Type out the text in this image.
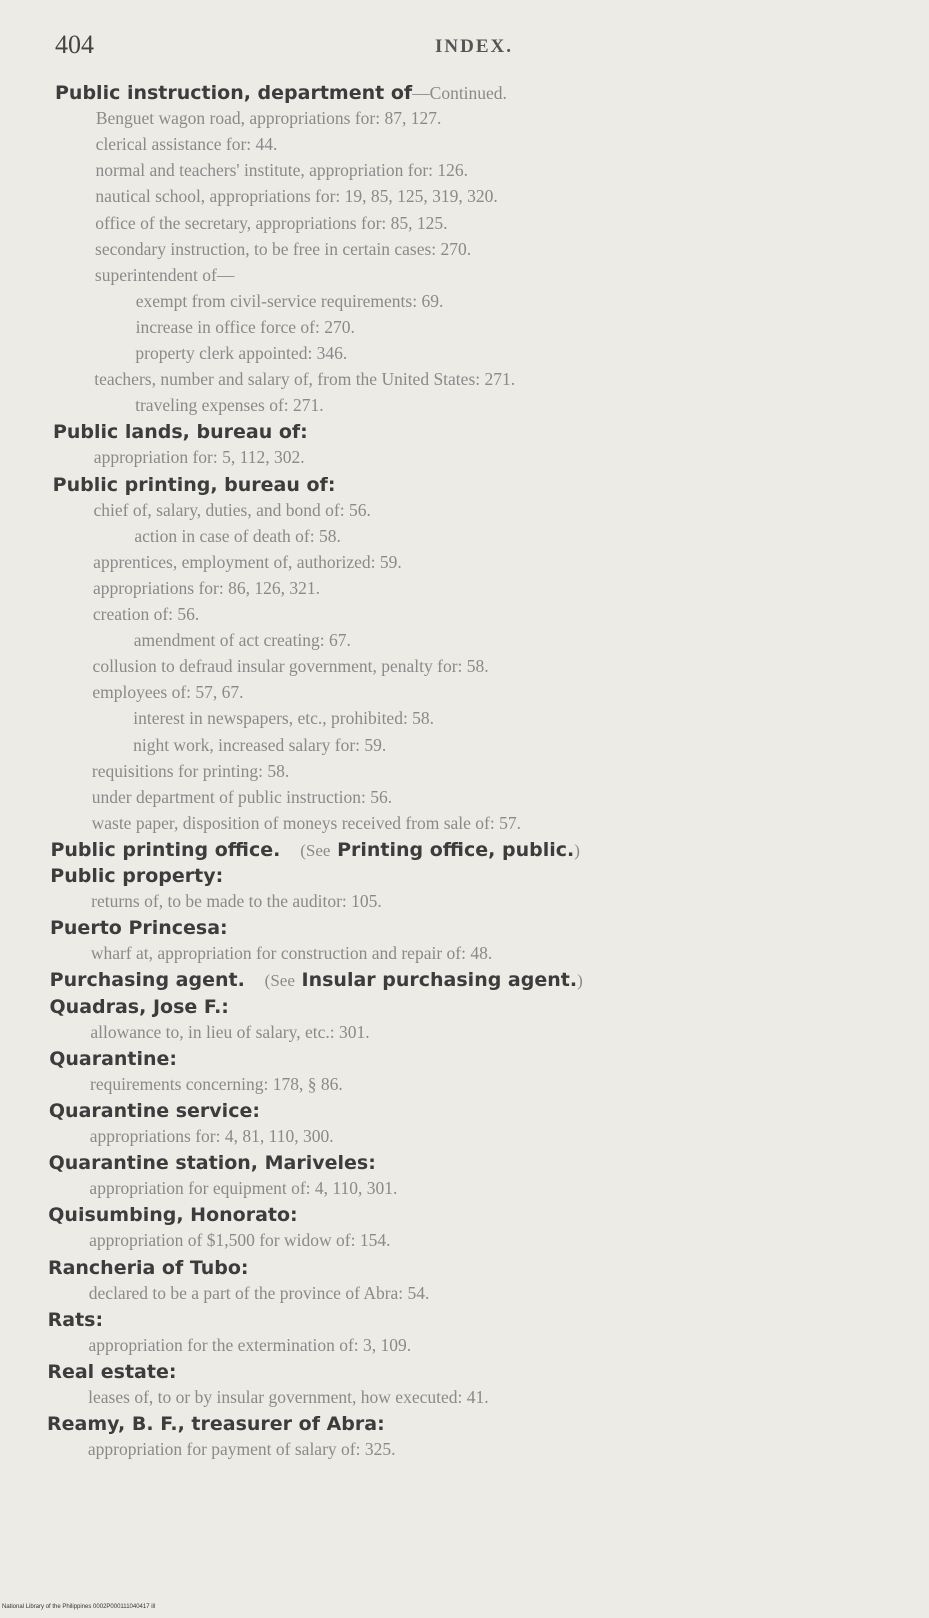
404	INDEX.
Public instruction, department of—Continued.
Benguet wagon road, appropriations for: 87, 127.
clerical assistance for: 44.
normal and teachers' institute, appropriation for: 126.
nautical school, appropriations for: 19, 85, 125, 319, 320.
office of the secretary, appropriations for: 85, 125.
secondary instruction, to be free in certain cases: 270.
superintendent of—
exempt from civil-service requirements: 69.
increase in office force of: 270.
property clerk appointed: 346.
teachers, number and salary of, from the United States: 271.
traveling expenses of: 271.
Public lands, bureau of:
appropriation for: 5, 112, 302.
Public printing, bureau of:
chief of, salary, duties, and bond of: 56.
action in case of death of: 58.
apprentices, employment of, authorized: 59.
appropriations for: 86, 126, 321.
creation of: 56.
amendment of act creating: 67.
collusion to defraud insular government, penalty for: 58.
employees of: 57, 67.
interest in newspapers, etc., prohibited: 58.
night work, increased salary for: 59.
requisitions for printing: 58.
under department of public instruction: 56.
waste paper, disposition of moneys received from sale of: 57.
Public printing office. (See Printing office, public.)
Public property:
returns of, to be made to the auditor: 105.
Puerto Princesa:
wharf at, appropriation for construction and repair of: 48.
Purchasing agent. (See Insular purchasing agent.)
Quadras, Jose F.:
allowance to, in lieu of salary, etc.: 301.
Quarantine:
requirements concerning: 178, § 86.
Quarantine service:
appropriations for: 4, 81, 110, 300.
Quarantine station, Mariveles:
appropriation for equipment of: 4, 110, 301.
Quisumbing, Honorato:
appropriation of $1,500 for widow of: 154.
Rancheria of Tubo:
declared to be a part of the province of Abra: 54.
Rats:
appropriation for the extermination of: 3, 109.
Real estate:
leases of, to or by insular government, how executed: 41.
Reamy, B. F., treasurer of Abra:
appropriation for payment of salary of: 325.
National Library of the Philippines 0002P000111040417 ill
